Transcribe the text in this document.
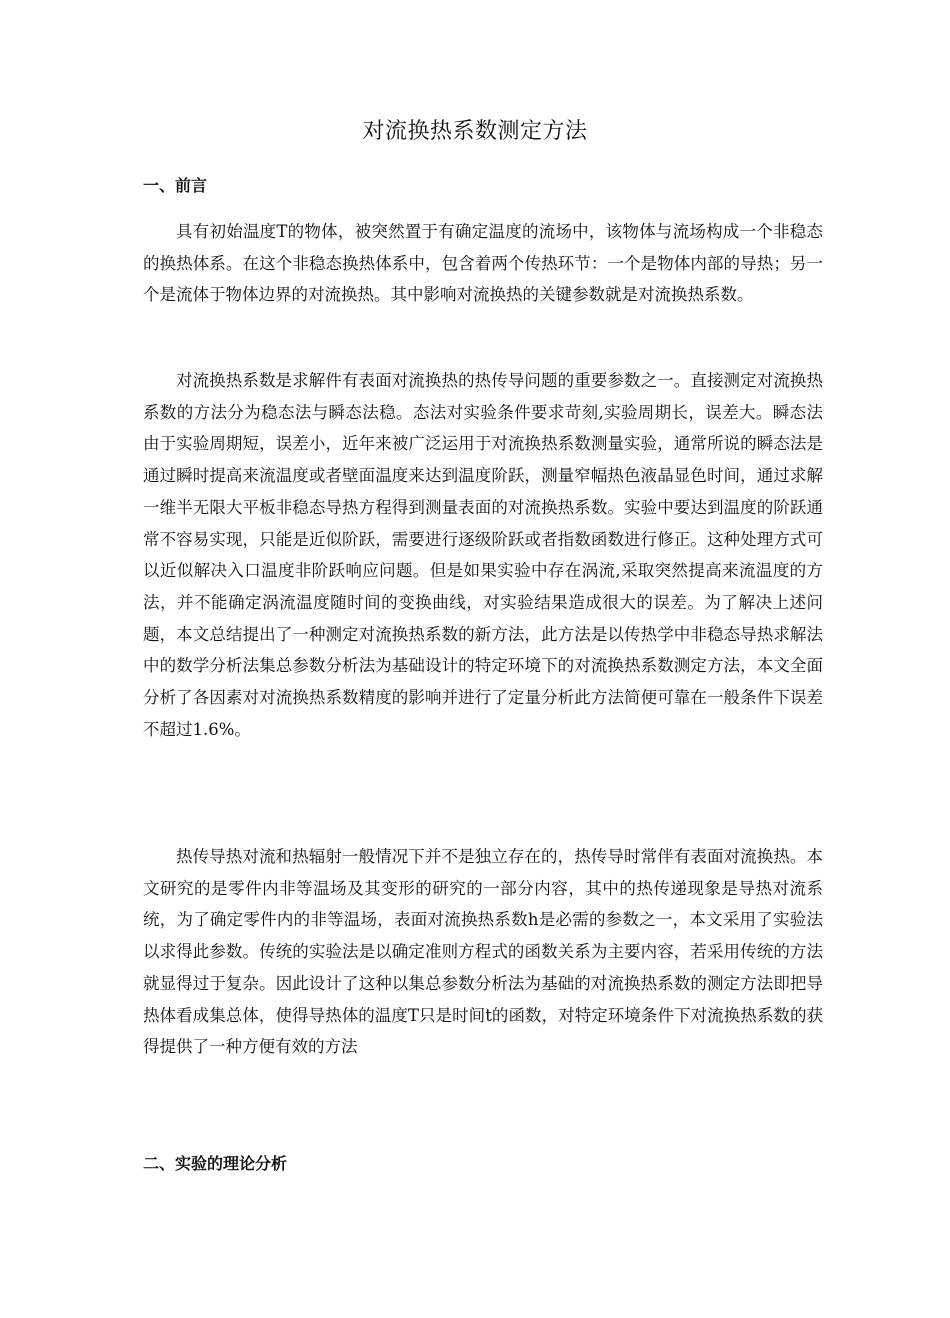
对流换热系数测定方法
一、前言

具有初始温度T的物体，被突然置于有确定温度的流场中，该物体与流场构成一个非稳态的换热体系。在这个非稳态换热体系中，包含着两个传热环节：一个是物体内部的导热；另一个是流体于物体边界的对流换热。其中影响对流换热的关键参数就是对流换热系数。

对流换热系数是求解件有表面对流换热的热传导问题的重要参数之一。直接测定对流换热系数的方法分为稳态法与瞬态法稳。态法对实验条件要求苛刻,实验周期长，误差大。瞬态法由于实验周期短，误差小，近年来被广泛运用于对流换热系数测量实验，通常所说的瞬态法是通过瞬时提高来流温度或者壁面温度来达到温度阶跃，测量窄幅热色液晶显色时间，通过求解一维半无限大平板非稳态导热方程得到测量表面的对流换热系数。实验中要达到温度的阶跃通常不容易实现，只能是近似阶跃，需要进行逐级阶跃或者指数函数进行修正。这种处理方式可以近似解决入口温度非阶跃响应问题。但是如果实验中存在涡流,采取突然提高来流温度的方法，并不能确定涡流温度随时间的变换曲线，对实验结果造成很大的误差。为了解决上述问题，本文总结提出了一种测定对流换热系数的新方法，此方法是以传热学中非稳态导热求解法中的数学分析法集总参数分析法为基础设计的特定环境下的对流换热系数测定方法，本文全面分析了各因素对对流换热系数精度的影响并进行了定量分析此方法简便可靠在一般条件下误差不超过1.6%。

热传导热对流和热辐射一般情况下并不是独立存在的，热传导时常伴有表面对流换热。本文研究的是零件内非等温场及其变形的研究的一部分内容，其中的热传递现象是导热对流系统，为了确定零件内的非等温场，表面对流换热系数h是必需的参数之一，本文采用了实验法以求得此参数。传统的实验法是以确定准则方程式的函数关系为主要内容，若采用传统的方法就显得过于复杂。因此设计了这种以集总参数分析法为基础的对流换热系数的测定方法即把导热体看成集总体，使得导热体的温度T只是时间t的函数，对特定环境条件下对流换热系数的获得提供了一种方便有效的方法

二、实验的理论分析
